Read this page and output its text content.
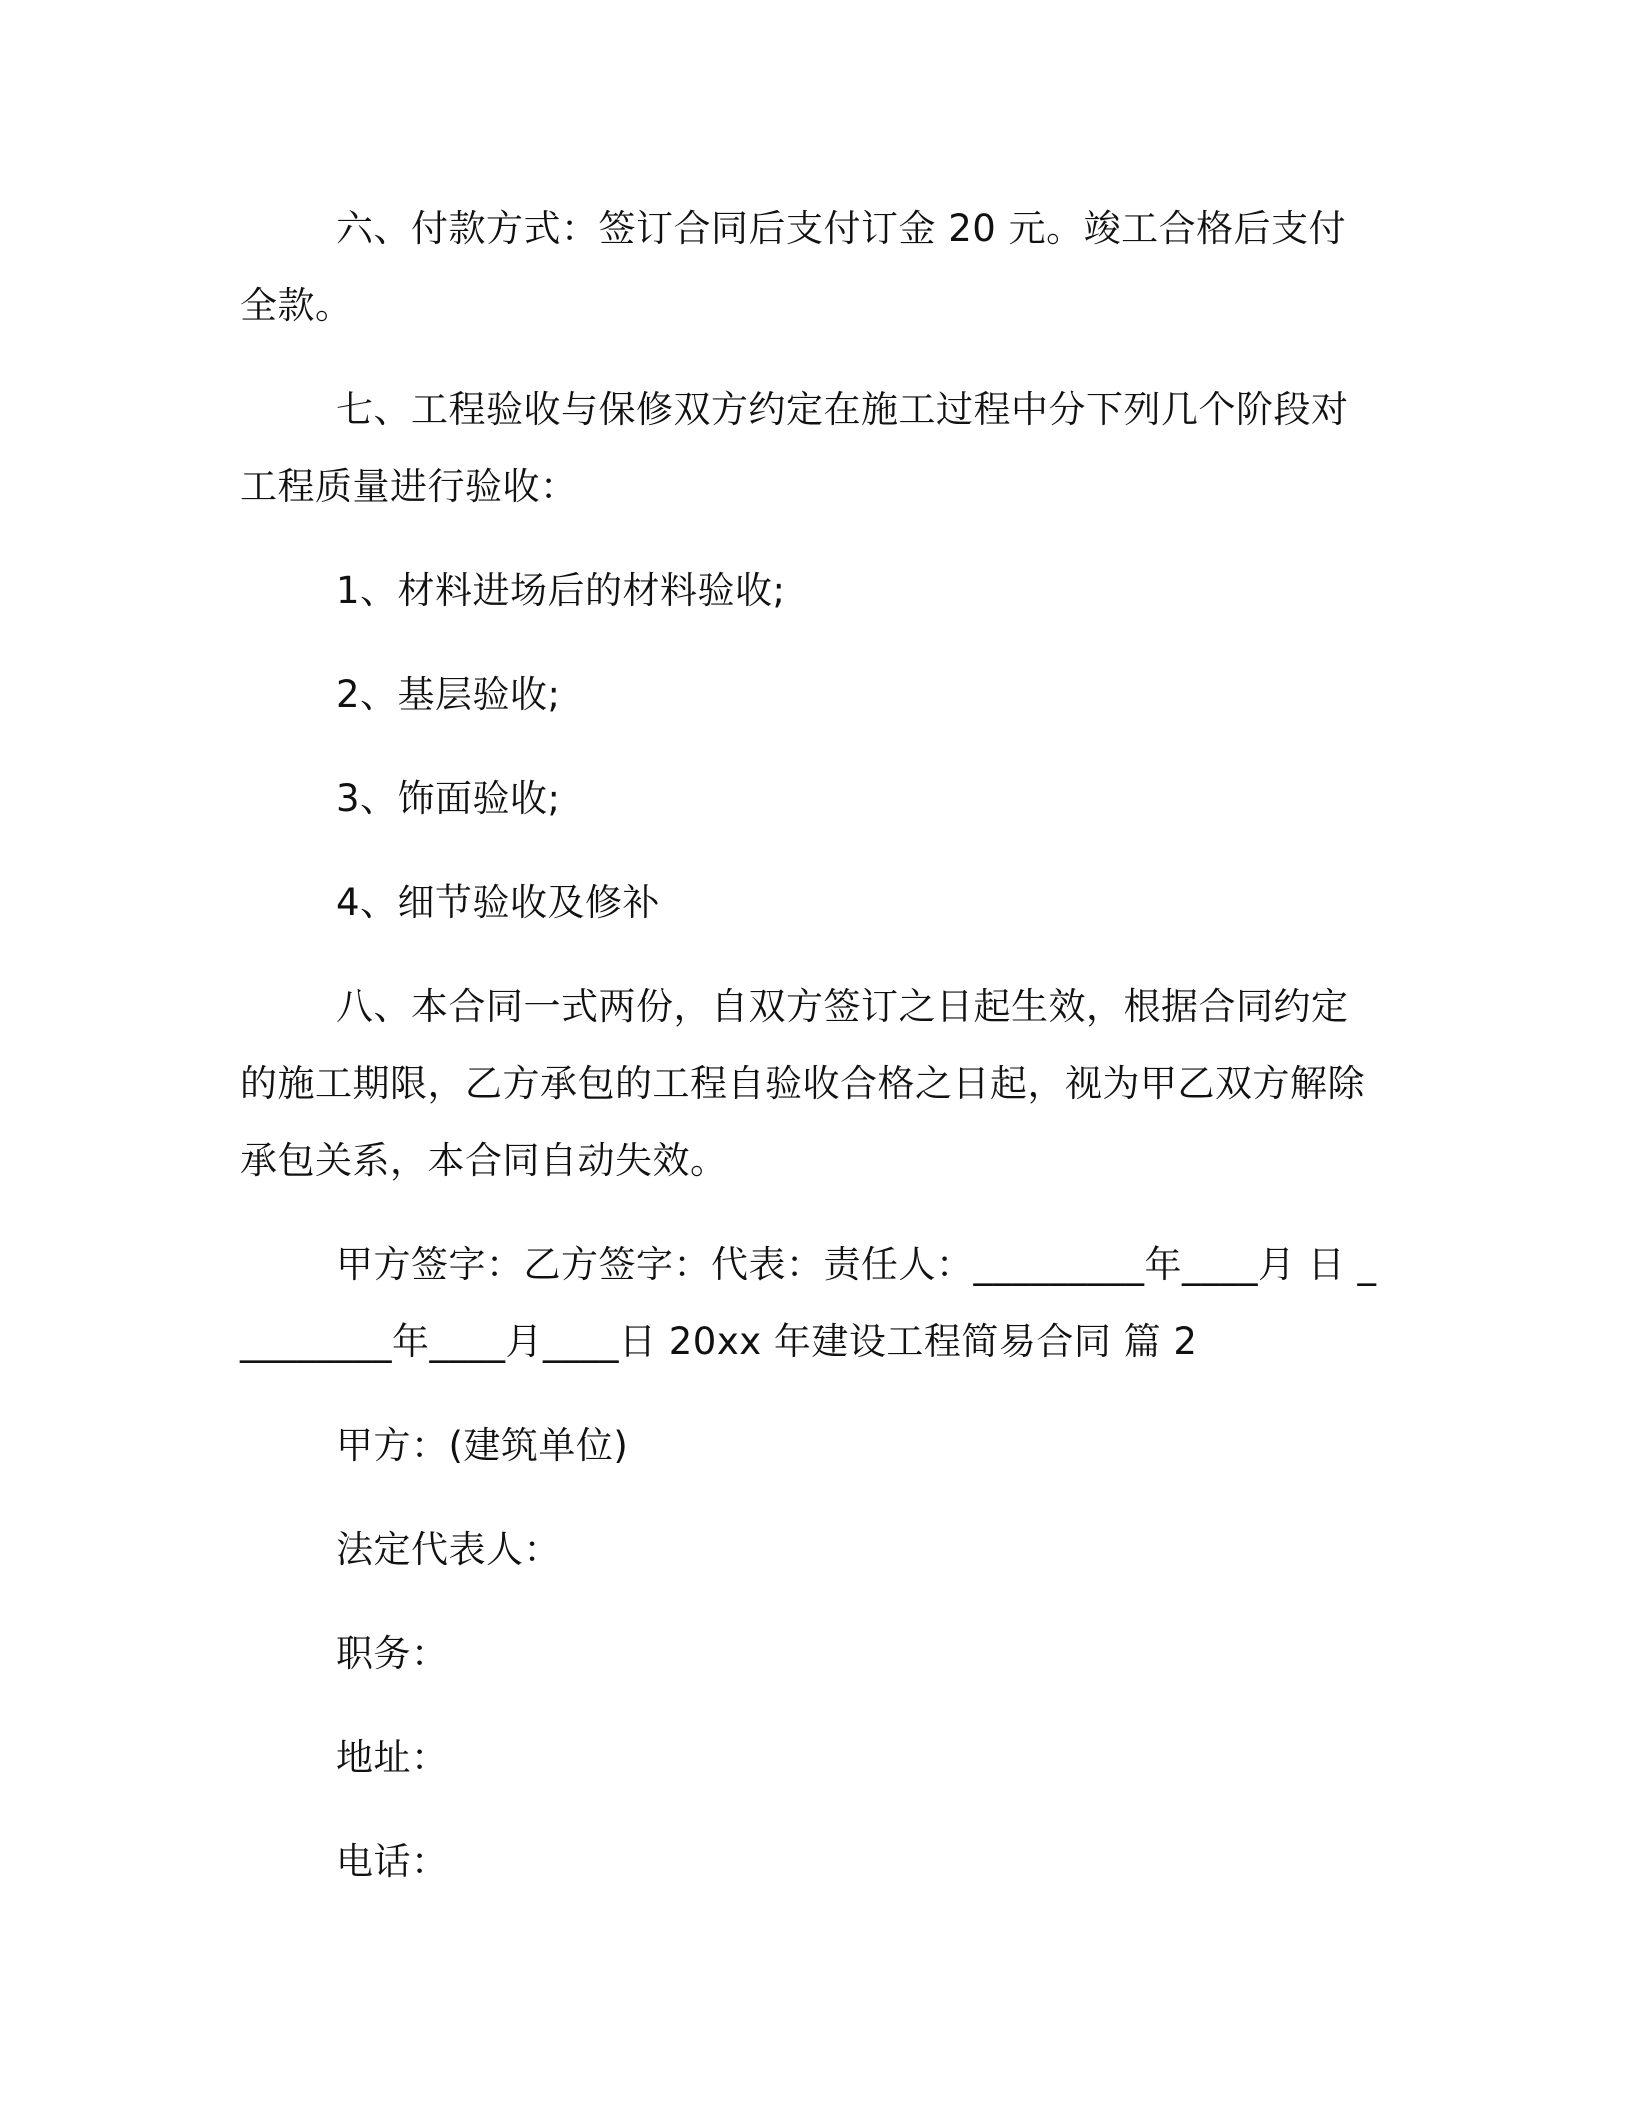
六、付款方式：签订合同后支付订金 20 元。竣工合格后支付全款。

七、工程验收与保修双方约定在施工过程中分下列几个阶段对工程质量进行验收：

1、材料进场后的材料验收;

2、基层验收;

3、饰面验收;

4、细节验收及修补

八、本合同一式两份，自双方签订之日起生效，根据合同约定的施工期限，乙方承包的工程自验收合格之日起，视为甲乙双方解除承包关系，本合同自动失效。

甲方签字：乙方签字：代表：责任人：_________年____月 日 _________年____月____日 20xx 年建设工程简易合同 篇 2

甲方：(建筑单位)

法定代表人：

职务：

地址：

电话：
